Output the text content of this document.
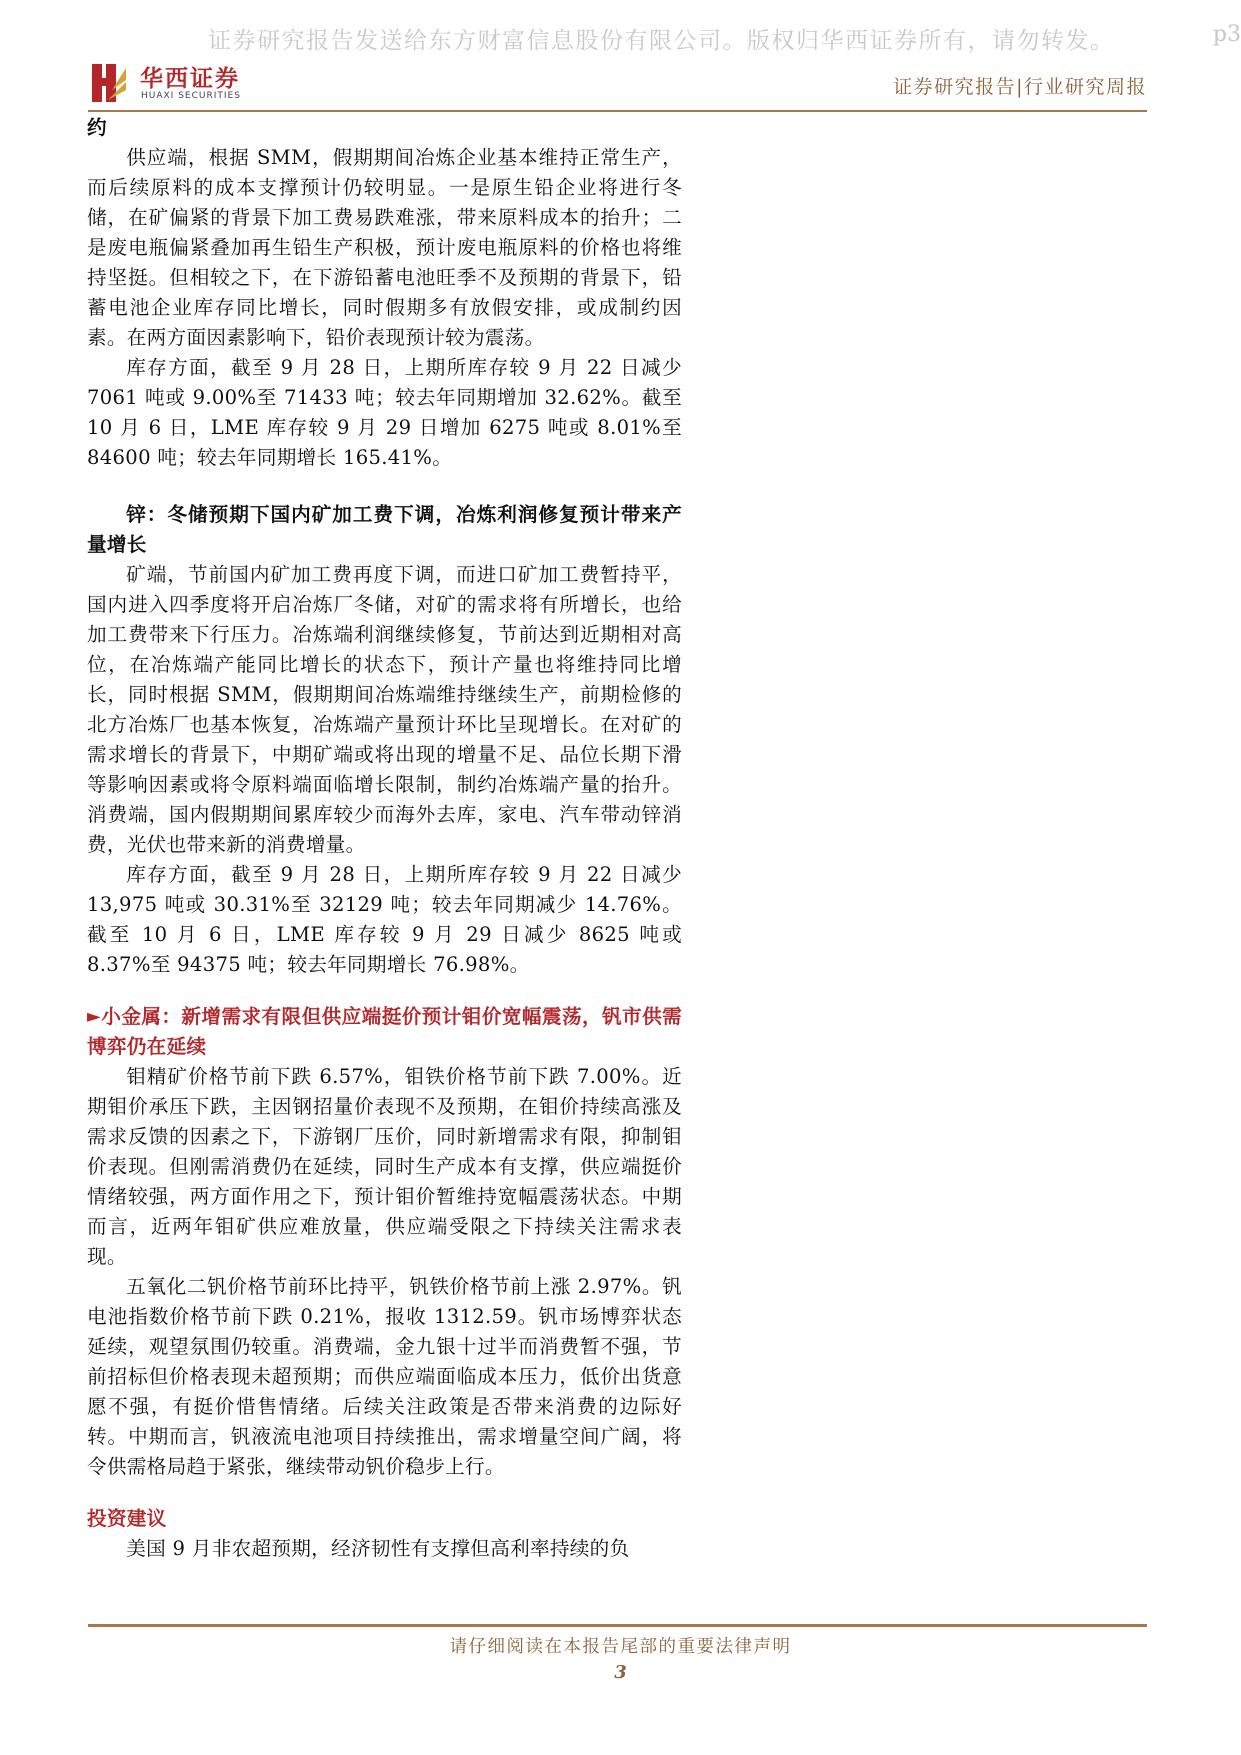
证券研究报告发送给东方财富信息股份有限公司。版权归华西证券所有，请勿转发。	p3
华西证券
HUAXI SECURITIES	证券研究报告|行业研究周报

约

供应端，根据 SMM，假期期间冶炼企业基本维持正常生产，而后续原料的成本支撑预计仍较明显。一是原生铅企业将进行冬储，在矿偏紧的背景下加工费易跌难涨，带来原料成本的抬升；二是废电瓶偏紧叠加再生铅生产积极，预计废电瓶原料的价格也将维持坚挺。但相较之下，在下游铅蓄电池旺季不及预期的背景下，铅蓄电池企业库存同比增长，同时假期多有放假安排，或成制约因素。在两方面因素影响下，铅价表现预计较为震荡。

库存方面，截至 9 月 28 日，上期所库存较 9 月 22 日减少 7061 吨或 9.00%至 71433 吨；较去年同期增加 32.62%。截至 10 月 6 日，LME 库存较 9 月 29 日增加 6275 吨或 8.01%至 84600 吨；较去年同期增长 165.41%。

锌：冬储预期下国内矿加工费下调，冶炼利润修复预计带来产量增长

矿端，节前国内矿加工费再度下调，而进口矿加工费暂持平，国内进入四季度将开启冶炼厂冬储，对矿的需求将有所增长，也给加工费带来下行压力。冶炼端利润继续修复，节前达到近期相对高位，在冶炼端产能同比增长的状态下，预计产量也将维持同比增长，同时根据 SMM，假期期间冶炼端维持继续生产，前期检修的北方冶炼厂也基本恢复，冶炼端产量预计环比呈现增长。在对矿的需求增长的背景下，中期矿端或将出现的增量不足、品位长期下滑等影响因素或将令原料端面临增长限制，制约冶炼端产量的抬升。消费端，国内假期期间累库较少而海外去库，家电、汽车带动锌消费，光伏也带来新的消费增量。

库存方面，截至 9 月 28 日，上期所库存较 9 月 22 日减少 13,975 吨或 30.31%至 32129 吨；较去年同期减少 14.76%。截至 10 月 6 日，LME 库存较 9 月 29 日减少 8625 吨或 8.37%至 94375 吨；较去年同期增长 76.98%。

►小金属：新增需求有限但供应端挺价预计钼价宽幅震荡，钒市供需博弈仍在延续

钼精矿价格节前下跌 6.57%，钼铁价格节前下跌 7.00%。近期钼价承压下跌，主因钢招量价表现不及预期，在钼价持续高涨及需求反馈的因素之下，下游钢厂压价，同时新增需求有限，抑制钼价表现。但刚需消费仍在延续，同时生产成本有支撑，供应端挺价情绪较强，两方面作用之下，预计钼价暂维持宽幅震荡状态。中期而言，近两年钼矿供应难放量，供应端受限之下持续关注需求表现。

五氧化二钒价格节前环比持平，钒铁价格节前上涨 2.97%。钒电池指数价格节前下跌 0.21%，报收 1312.59。钒市场博弈状态延续，观望氛围仍较重。消费端，金九银十过半而消费暂不强，节前招标但价格表现未超预期；而供应端面临成本压力，低价出货意愿不强，有挺价惜售情绪。后续关注政策是否带来消费的边际好转。中期而言，钒液流电池项目持续推出，需求增量空间广阔，将令供需格局趋于紧张，继续带动钒价稳步上行。

投资建议

美国 9 月非农超预期，经济韧性有支撑但高利率持续的负

请仔细阅读在本报告尾部的重要法律声明
3
